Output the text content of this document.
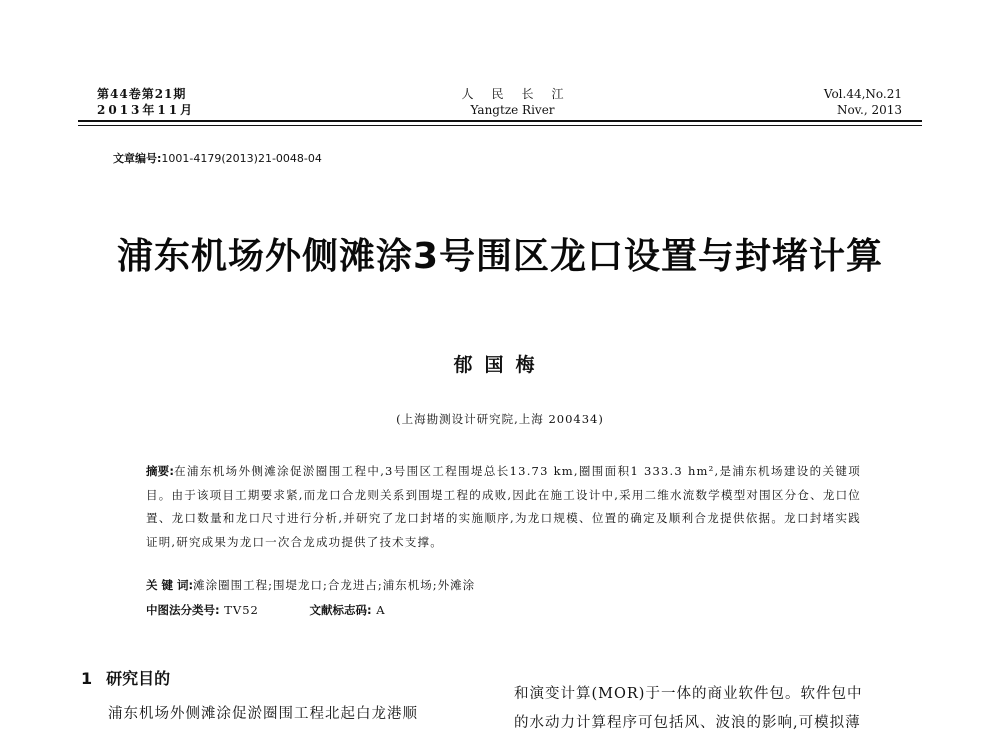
第44卷第21期
2013年11月
人民长江
Yangtze River
Vol.44,No.21
Nov., 2013
文章编号:1001-4179(2013)21-0048-04
浦东机场外侧滩涂3号围区龙口设置与封堵计算
郁国梅
(上海勘测设计研究院,上海 200434)
摘要:在浦东机场外侧滩涂促淤圈围工程中,3号围区工程围堤总长13.73 km,圈围面积1 333.3 hm²,是浦东机场建设的关键项目。由于该项目工期要求紧,而龙口合龙则关系到围堤工程的成败,因此在施工设计中,采用二维水流数学模型对围区分仓、龙口位置、龙口数量和龙口尺寸进行分析,并研究了龙口封堵的实施顺序,为龙口规模、位置的确定及顺利合龙提供依据。龙口封堵实践证明,研究成果为龙口一次合龙成功提供了技术支撑。
关 键 词:滩涂圈围工程;围堤龙口;合龙进占;浦东机场;外滩涂
中图法分类号: TV52	文献标志码: A
1 研究目的
浦东机场外侧滩涂促淤圈围工程北起白龙港顺
和演变计算(MOR)于一体的商业软件包。软件包中
的水动力计算程序可包括风、波浪的影响,可模拟薄
